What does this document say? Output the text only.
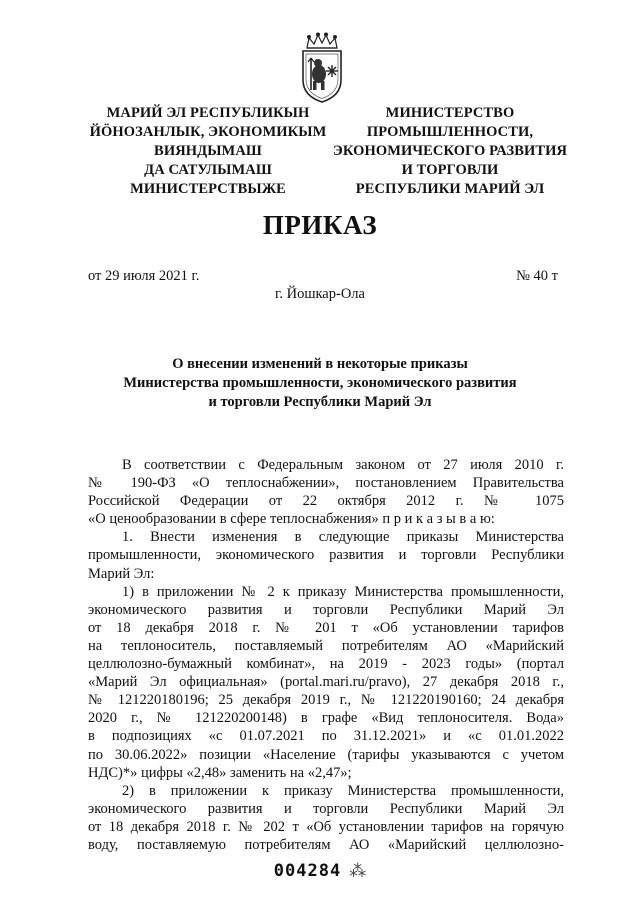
МАРИЙ ЭЛ РЕСПУБЛИКЫН
ЙӦНОЗАНЛЫК, ЭКОНОМИКЫМ
ВИЯНДЫМАШ
ДА САТУЛЫМАШ
МИНИСТЕРСТВЫЖЕ
МИНИСТЕРСТВО
ПРОМЫШЛЕННОСТИ,
ЭКОНОМИЧЕСКОГО РАЗВИТИЯ
И ТОРГОВЛИ
РЕСПУБЛИКИ МАРИЙ ЭЛ
ПРИКАЗ
от 29 июля 2021 г.	№ 40 т
г. Йошкар-Ола
О внесении изменений в некоторые приказы
Министерства промышленности, экономического развития
и торговли Республики Марий Эл
В соответствии с Федеральным законом от 27 июля 2010 г.
№ 190-ФЗ «О теплоснабжении», постановлением Правительства
Российской Федерации от 22 октября 2012 г. № 1075
«О ценообразовании в сфере теплоснабжения» п р и к а з ы в а ю:
1. Внести изменения в следующие приказы Министерства
промышленности, экономического развития и торговли Республики
Марий Эл:
1) в приложении № 2 к приказу Министерства промышленности,
экономического развития и торговли Республики Марий Эл
от 18 декабря 2018 г. № 201 т «Об установлении тарифов
на теплоноситель, поставляемый потребителям АО «Марийский
целлюлозно-бумажный комбинат», на 2019 - 2023 годы» (портал
«Марий Эл официальная» (portal.mari.ru/pravo), 27 декабря 2018 г.,
№ 121220180196; 25 декабря 2019 г., № 121220190160; 24 декабря
2020 г., № 121220200148) в графе «Вид теплоносителя. Вода»
в подпозициях «с 01.07.2021 по 31.12.2021» и «с 01.01.2022
по 30.06.2022» позиции «Население (тарифы указываются с учетом
НДС)*» цифры «2,48» заменить на «2,47»;
2) в приложении к приказу Министерства промышленности,
экономического развития и торговли Республики Марий Эл
от 18 декабря 2018 г. № 202 т «Об установлении тарифов на горячую
воду, поставляемую потребителям АО «Марийский целлюлозно-
004284 ⁂
